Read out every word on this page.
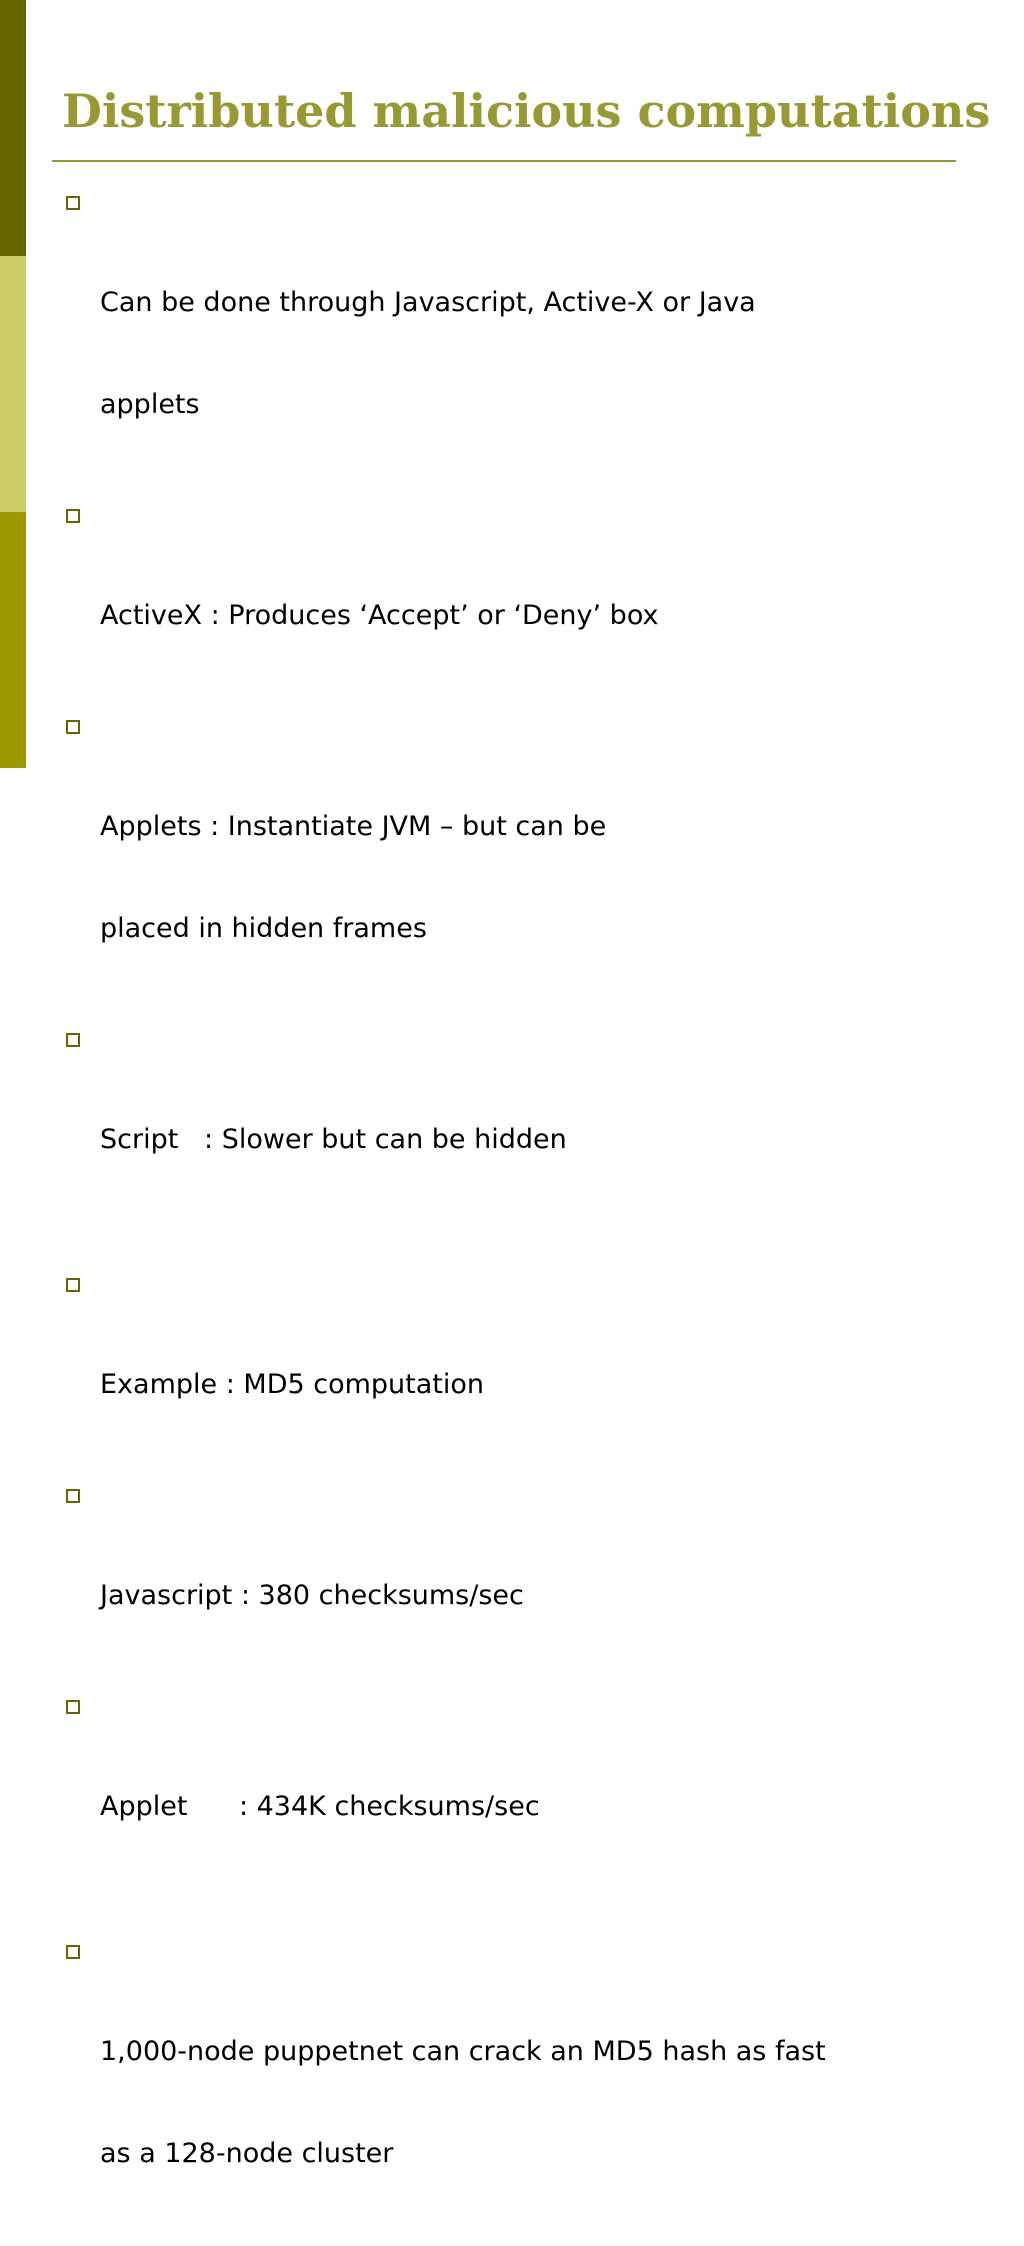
Distributed malicious computations

Can be done through Javascript, Active-X or Java

applets

ActiveX : Produces ‘Accept’ or ‘Deny’ box

Applets : Instantiate JVM – but can be

placed in hidden frames

Script   : Slower but can be hidden

Example : MD5 computation

Javascript : 380 checksums/sec

Applet      : 434K checksums/sec

1,000-node puppetnet can crack an MD5 hash as fast

as a 128-node cluster
